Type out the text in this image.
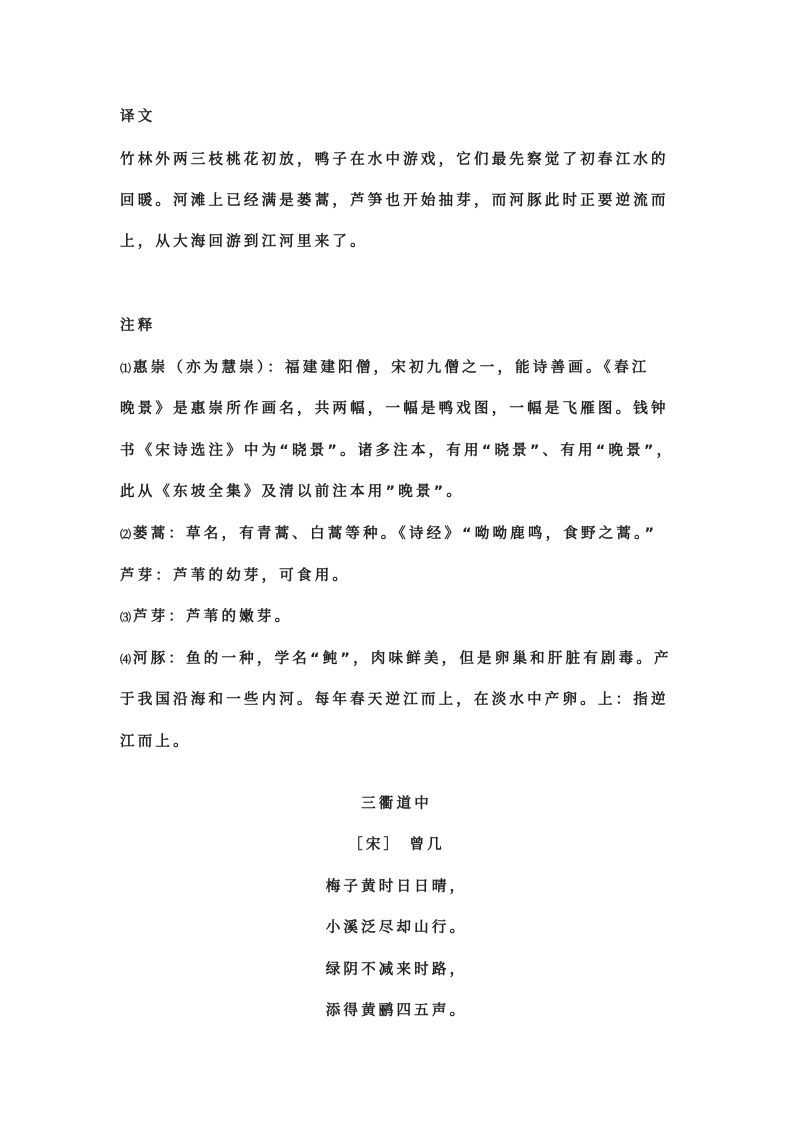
译文
竹林外两三枝桃花初放，鸭子在水中游戏，它们最先察觉了初春江水的
回暖。河滩上已经满是蒌蒿，芦笋也开始抽芽，而河豚此时正要逆流而
上，从大海回游到江河里来了。
注释
⑴ 惠崇（亦为慧崇）：福建建阳僧，宋初九僧之一，能诗善画。《春江
晚景》是惠崇所作画名，共两幅，一幅是鸭戏图，一幅是飞雁图。钱钟
书《宋诗选注》中为“晓景”。诸多注本，有用“晓景”、有用“晚景”，
此从《东坡全集》及清以前注本用”晚景”。
⑵ 蒌蒿：草名，有青蒿、白蒿等种。《诗经》“呦呦鹿鸣，食野之蒿。”
芦芽：芦苇的幼芽，可食用。
⑶ 芦芽：芦苇的嫩芽。
⑷ 河豚：鱼的一种，学名“鲀”，肉味鲜美，但是卵巢和肝脏有剧毒。产
于我国沿海和一些内河。每年春天逆江而上，在淡水中产卵。上：指逆
江而上。
三衢道中
［宋］ 曾几
梅子黄时日日晴，
小溪泛尽却山行。
绿阴不减来时路，
添得黄鹂四五声。
